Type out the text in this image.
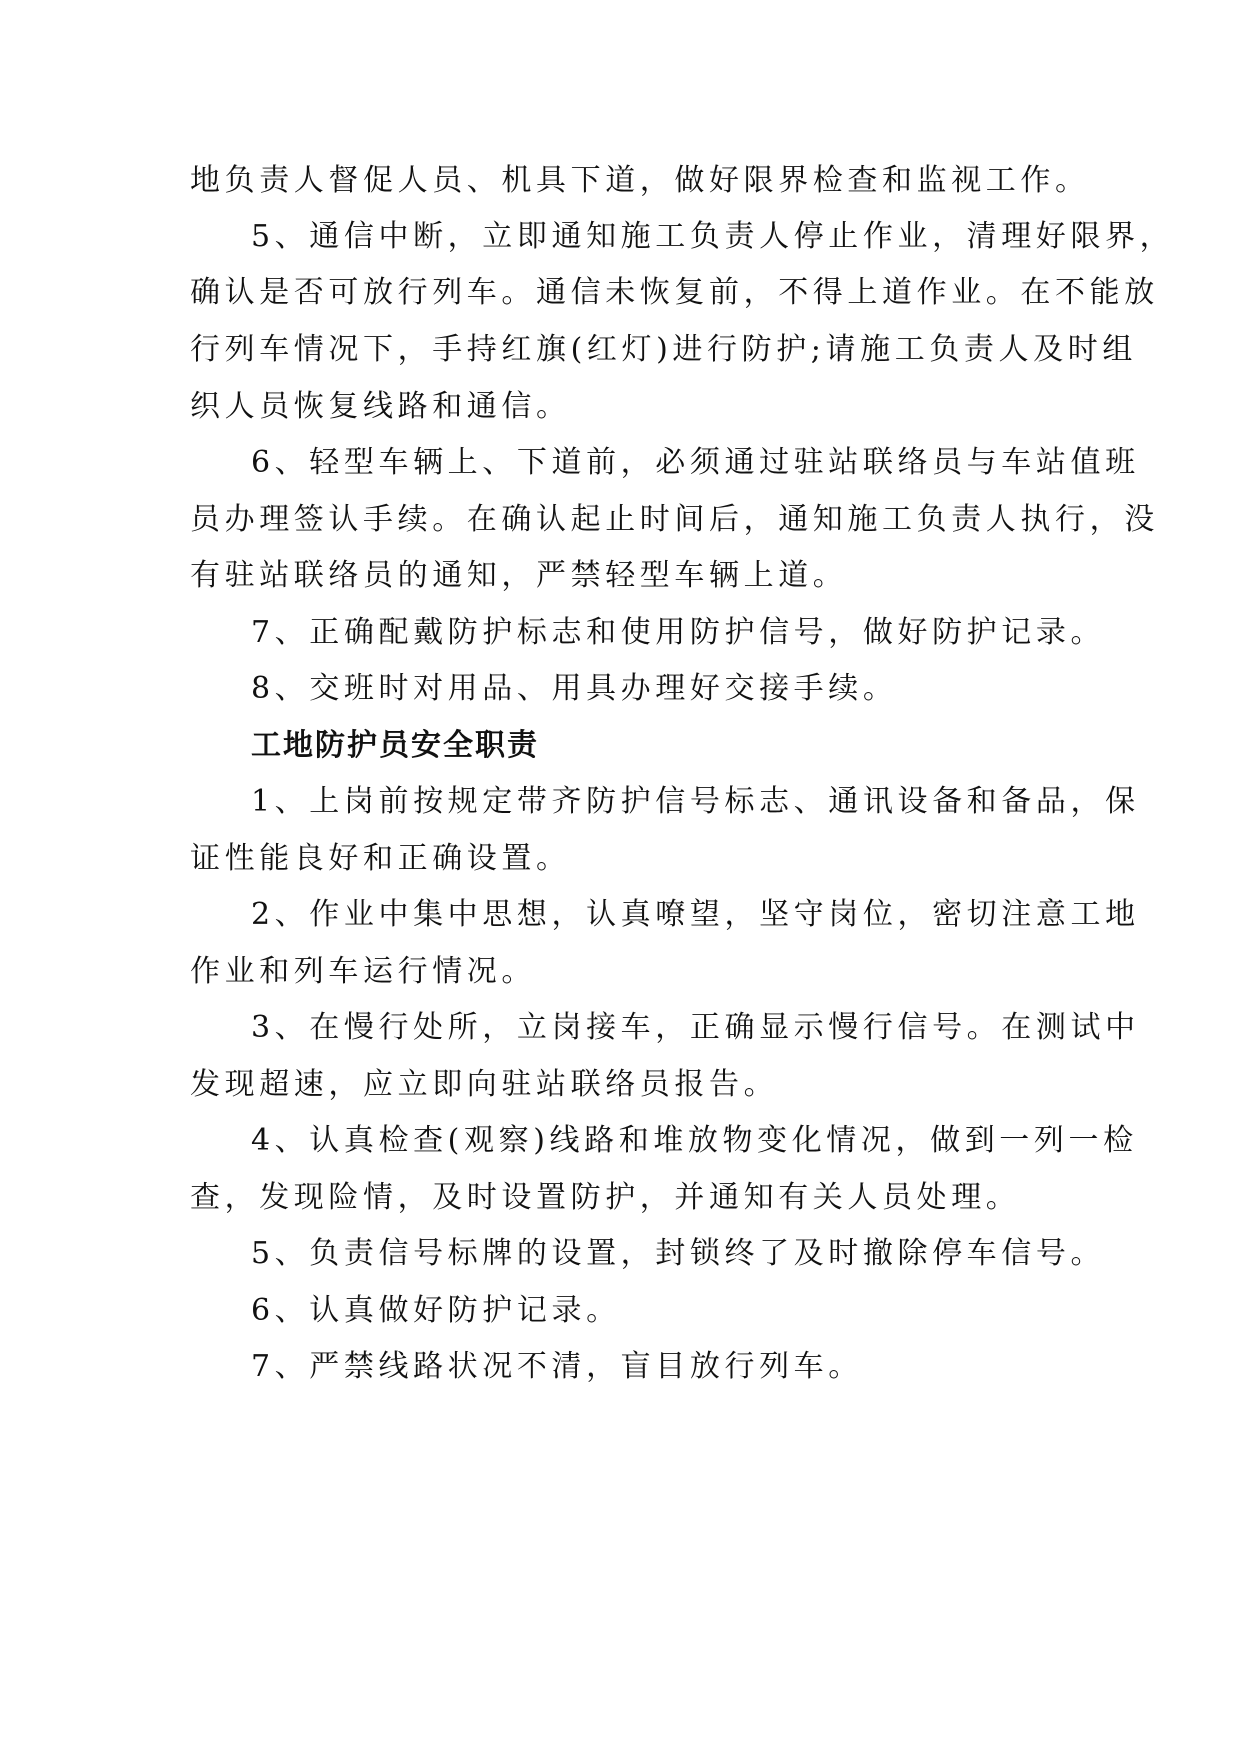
地负责人督促人员、机具下道，做好限界检查和监视工作。
5、通信中断，立即通知施工负责人停止作业，清理好限界，
确认是否可放行列车。通信未恢复前，不得上道作业。在不能放
行列车情况下，手持红旗(红灯)进行防护;请施工负责人及时组
织人员恢复线路和通信。
6、轻型车辆上、下道前，必须通过驻站联络员与车站值班
员办理签认手续。在确认起止时间后，通知施工负责人执行，没
有驻站联络员的通知，严禁轻型车辆上道。
7、正确配戴防护标志和使用防护信号，做好防护记录。
8、交班时对用品、用具办理好交接手续。
工地防护员安全职责
1、上岗前按规定带齐防护信号标志、通讯设备和备品，保
证性能良好和正确设置。
2、作业中集中思想，认真嘹望，坚守岗位，密切注意工地
作业和列车运行情况。
3、在慢行处所，立岗接车，正确显示慢行信号。在测试中
发现超速，应立即向驻站联络员报告。
4、认真检查(观察)线路和堆放物变化情况，做到一列一检
查，发现险情，及时设置防护，并通知有关人员处理。
5、负责信号标牌的设置，封锁终了及时撤除停车信号。
6、认真做好防护记录。
7、严禁线路状况不清，盲目放行列车。
